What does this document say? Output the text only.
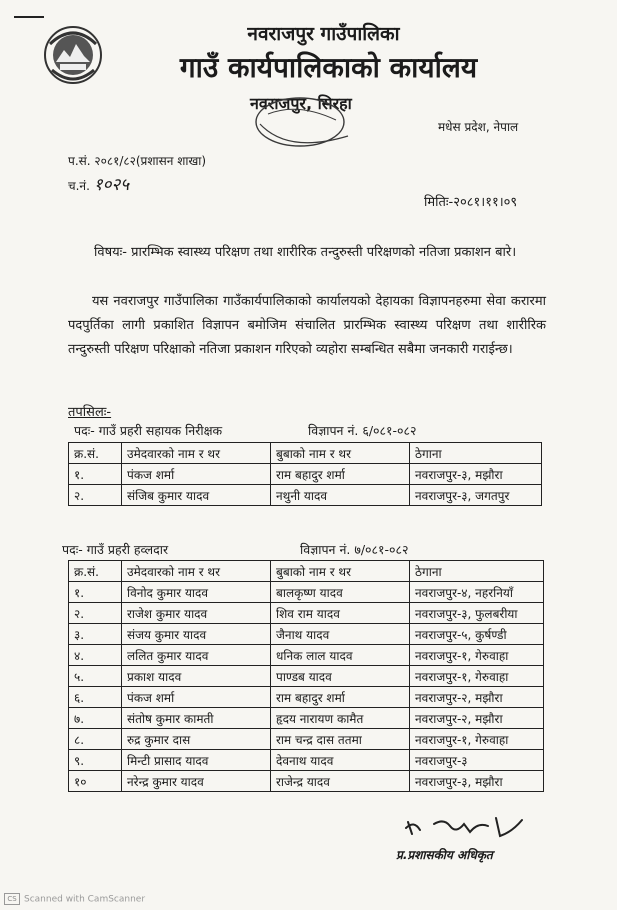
नवराजपुर गाउँपालिका
गाउँ कार्यपालिकाको कार्यालय
नवराजपुर, सिरहा
मधेस प्रदेश, नेपाल
प.सं. २०८१/८२(प्रशासन शाखा)
च.नं. १०२५
मितिः-२०८१।११।०९
विषयः- प्रारम्भिक स्वास्थ्य परिक्षण तथा शारीरिक तन्दुरुस्ती परिक्षणको नतिजा प्रकाशन बारे।
यस नवराजपुर गाउँपालिका गाउँकार्यपालिकाको कार्यालयको देहायका विज्ञापनहरुमा सेवा करारमा पदपुर्तिका लागी प्रकाशित विज्ञापन बमोजिम संचालित प्रारम्भिक स्वास्थ्य परिक्षण तथा शारीरिक तन्दुरुस्ती परिक्षण परिक्षाको नतिजा प्रकाशन गरिएको व्यहोरा सम्बन्धित सबैमा जनकारी गराईन्छ।
तपसिलः-
पदः- गाउँ प्रहरी सहायक निरीक्षक	विज्ञापन नं. ६/०८१-०८२
क्र.सं.	उमेदवारको नाम र थर	बुबाको नाम र थर	ठेगाना
१.	पंकज शर्मा	राम बहादुर शर्मा	नवराजपुर-३, मझौरा
२.	संजिब कुमार यादव	नथुनी यादव	नवराजपुर-३, जगतपुर
पदः- गाउँ प्रहरी हव्लदार	विज्ञापन नं. ७/०८१-०८२
क्र.सं.	उमेदवारको नाम र थर	बुबाको नाम र थर	ठेगाना
१.	विनोद कुमार यादव	बालकृष्ण यादव	नवराजपुर-४, नहरनियाँ
२.	राजेश कुमार यादव	शिव राम यादव	नवराजपुर-३, फुलबरीया
३.	संजय कुमार यादव	जैनाथ यादव	नवराजपुर-५, कुर्षण्डी
४.	ललित कुमार यादव	धनिक लाल यादव	नवराजपुर-१, गेरुवाहा
५.	प्रकाश यादव	पाण्डब यादव	नवराजपुर-१, गेरुवाहा
६.	पंकज शर्मा	राम बहादुर शर्मा	नवराजपुर-२, मझौरा
७.	संतोष कुमार कामती	हृदय नारायण कामैत	नवराजपुर-२, मझौरा
८.	रुद्र कुमार दास	राम चन्द्र दास ततमा	नवराजपुर-१, गेरुवाहा
९.	मिन्टी प्रासाद यादव	देवनाथ यादव	नवराजपुर-३
१०	नरेन्द्र कुमार यादव	राजेन्द्र यादव	नवराजपुर-३, मझौरा
प्र.प्रशासकीय अधिकृत
CS Scanned with CamScanner
